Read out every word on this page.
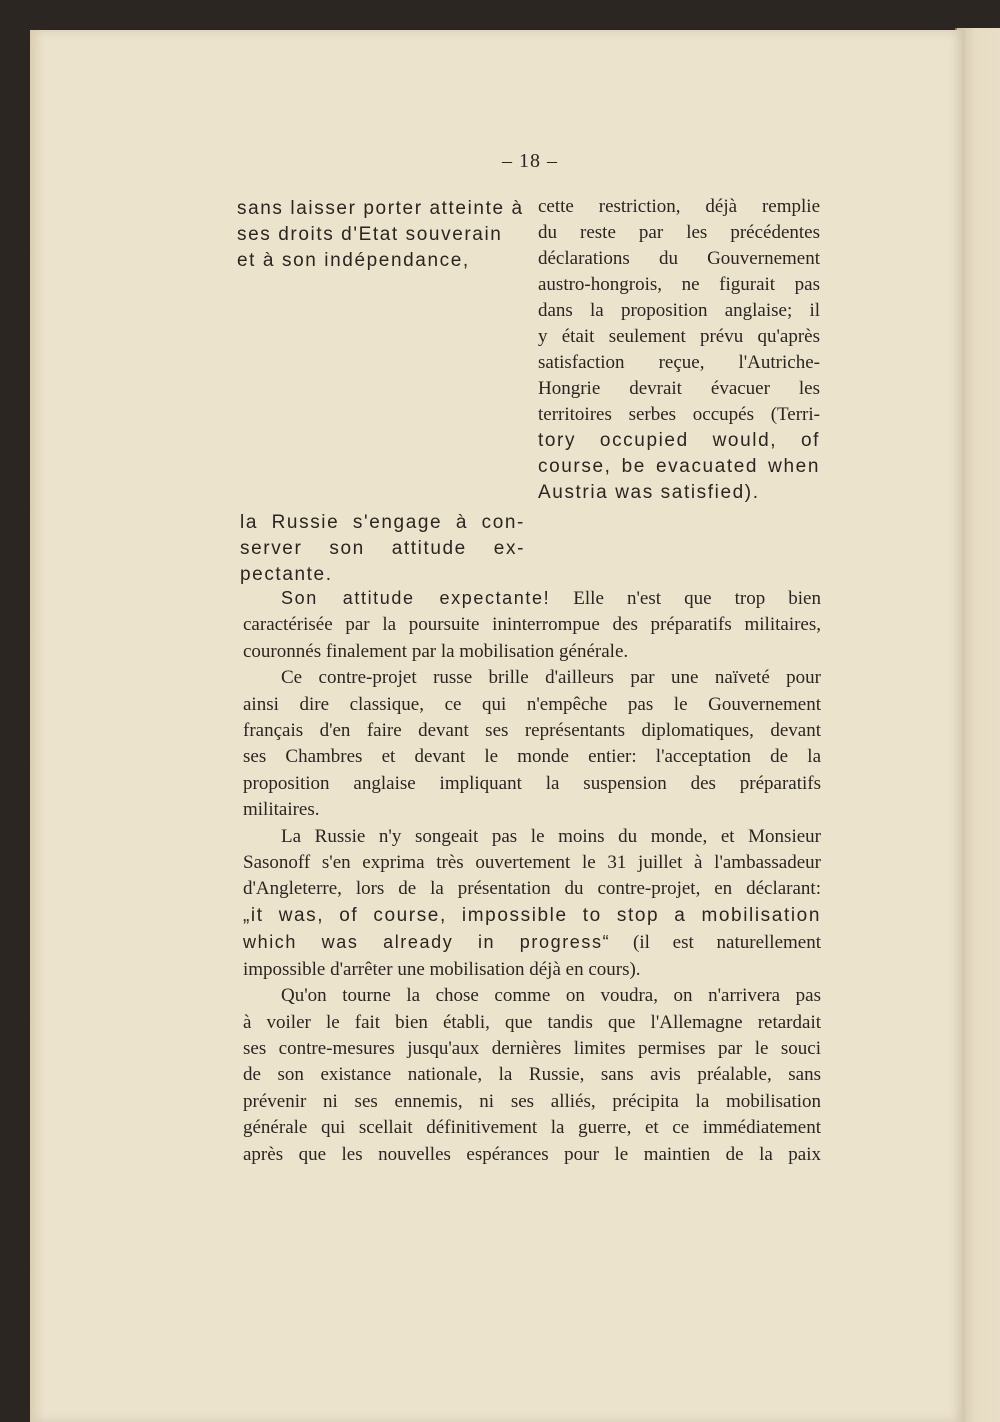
– 18 –
sans laisser porter atteinte à
ses droits d'Etat souverain
et à son indépendance,

cette restriction, déjà remplie

du reste par les précédentes

déclarations du Gouvernement

austro-hongrois, ne figurait pas

dans la proposition anglaise; il

y était seulement prévu qu'après

satisfaction reçue, l'Autriche-

Hongrie devrait évacuer les

territoires serbes occupés (Terri-

tory occupied would, of

course, be evacuated when

Austria was satisfied).

la Russie s'engage à con-

server son attitude ex-

pectante.

Son attitude expectante! Elle n'est que trop bien

caractérisée par la poursuite ininterrompue des préparatifs militaires,

couronnés finalement par la mobilisation générale.

Ce contre-projet russe brille d'ailleurs par une naïveté pour

ainsi dire classique, ce qui n'empêche pas le Gouvernement

français d'en faire devant ses représentants diplomatiques, devant

ses Chambres et devant le monde entier: l'acceptation de la

proposition anglaise impliquant la suspension des préparatifs

militaires.

La Russie n'y songeait pas le moins du monde, et Monsieur

Sasonoff s'en exprima très ouvertement le 31 juillet à l'ambassadeur

d'Angleterre, lors de la présentation du contre-projet, en déclarant:

„it was, of course, impossible to stop a mobilisation

which was already in progress“ (il est naturellement

impossible d'arrêter une mobilisation déjà en cours).

Qu'on tourne la chose comme on voudra, on n'arrivera pas

à voiler le fait bien établi, que tandis que l'Allemagne retardait

ses contre-mesures jusqu'aux dernières limites permises par le souci

de son existance nationale, la Russie, sans avis préalable, sans

prévenir ni ses ennemis, ni ses alliés, précipita la mobilisation

générale qui scellait définitivement la guerre, et ce immédiatement

après que les nouvelles espérances pour le maintien de la paix
